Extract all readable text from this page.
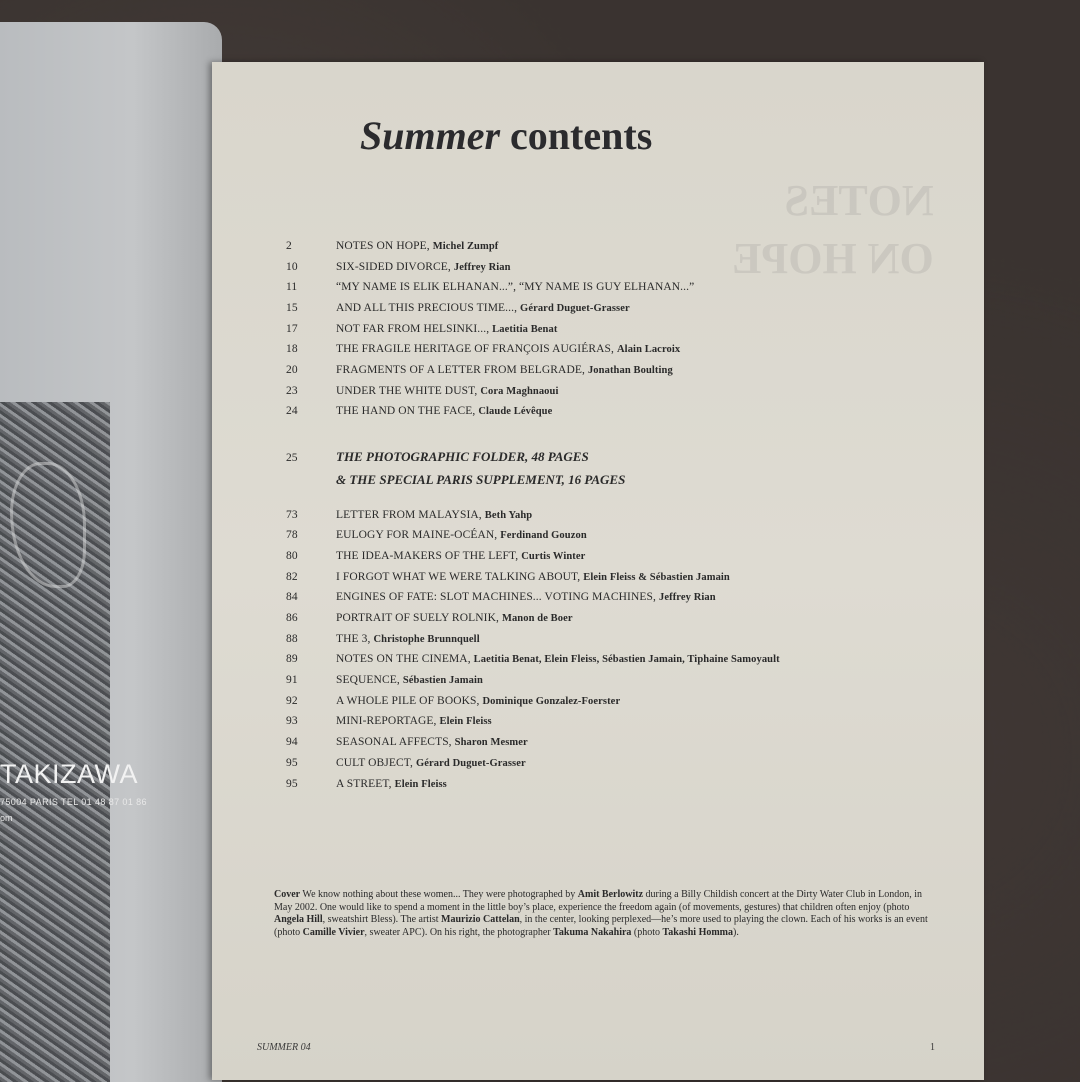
TAKIZAWA
75004 PARIS TEL 01 48 87 01 86
om
NOTES
ON HOPE
Summer contents
2	NOTES ON HOPE, Michel Zumpf
10	SIX-SIDED DIVORCE, Jeffrey Rian
11	“MY NAME IS ELIK ELHANAN...”, “MY NAME IS GUY ELHANAN...”
15	AND ALL THIS PRECIOUS TIME..., Gérard Duguet-Grasser
17	NOT FAR FROM HELSINKI..., Laetitia Benat
18	THE FRAGILE HERITAGE OF FRANÇOIS AUGIÉRAS, Alain Lacroix
20	FRAGMENTS OF A LETTER FROM BELGRADE, Jonathan Boulting
23	UNDER THE WHITE DUST, Cora Maghnaoui
24	THE HAND ON THE FACE, Claude Lévêque
25	THE PHOTOGRAPHIC FOLDER, 48 PAGES
& THE SPECIAL PARIS SUPPLEMENT, 16 PAGES
73	LETTER FROM MALAYSIA, Beth Yahp
78	EULOGY FOR MAINE-OCÉAN, Ferdinand Gouzon
80	THE IDEA-MAKERS OF THE LEFT, Curtis Winter
82	I FORGOT WHAT WE WERE TALKING ABOUT, Elein Fleiss & Sébastien Jamain
84	ENGINES OF FATE: SLOT MACHINES... VOTING MACHINES, Jeffrey Rian
86	PORTRAIT OF SUELY ROLNIK, Manon de Boer
88	THE 3, Christophe Brunnquell
89	NOTES ON THE CINEMA, Laetitia Benat, Elein Fleiss, Sébastien Jamain, Tiphaine Samoyault
91	SEQUENCE, Sébastien Jamain
92	A WHOLE PILE OF BOOKS, Dominique Gonzalez-Foerster
93	MINI-REPORTAGE, Elein Fleiss
94	SEASONAL AFFECTS, Sharon Mesmer
95	CULT OBJECT, Gérard Duguet-Grasser
95	A STREET, Elein Fleiss

Cover We know nothing about these women... They were photographed by Amit Berlowitz during a Billy Childish concert at the Dirty Water Club in London, in May 2002. One would like to spend a moment in the little boy’s place, experience the freedom again (of movements, gestures) that children often enjoy (photo Angela Hill, sweatshirt Bless). The artist Maurizio Cattelan, in the center, looking perplexed—he’s more used to playing the clown. Each of his works is an event (photo Camille Vivier, sweater APC). On his right, the photographer Takuma Nakahira (photo Takashi Homma).

SUMMER 04	1
